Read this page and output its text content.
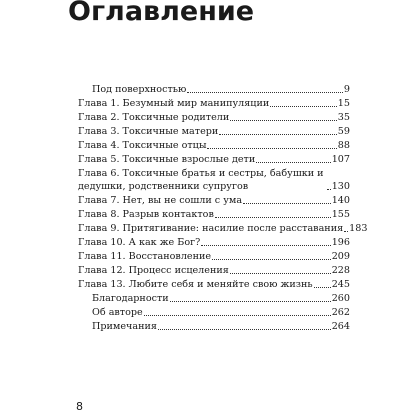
Оглавление
Под поверхностью	9
Глава 1. Безумный мир манипуляции	15
Глава 2. Токсичные родители	35
Глава 3. Токсичные матери	59
Глава 4. Токсичные отцы	88
Глава 5. Токсичные взрослые дети	107
Глава 6. Токсичные братья и сестры, бабушки и дедушки, родственники супругов	130
Глава 7. Нет, вы не сошли с ума	140
Глава 8. Разрыв контактов	155
Глава 9. Притягивание: насилие после расставания 183
Глава 10. А как же Бог?	196
Глава 11. Восстановление	209
Глава 12. Процесс исцеления	228
Глава 13. Любите себя и меняйте свою жизнь 245
Благодарности	260
Об авторе	262
Примечания	264
8
